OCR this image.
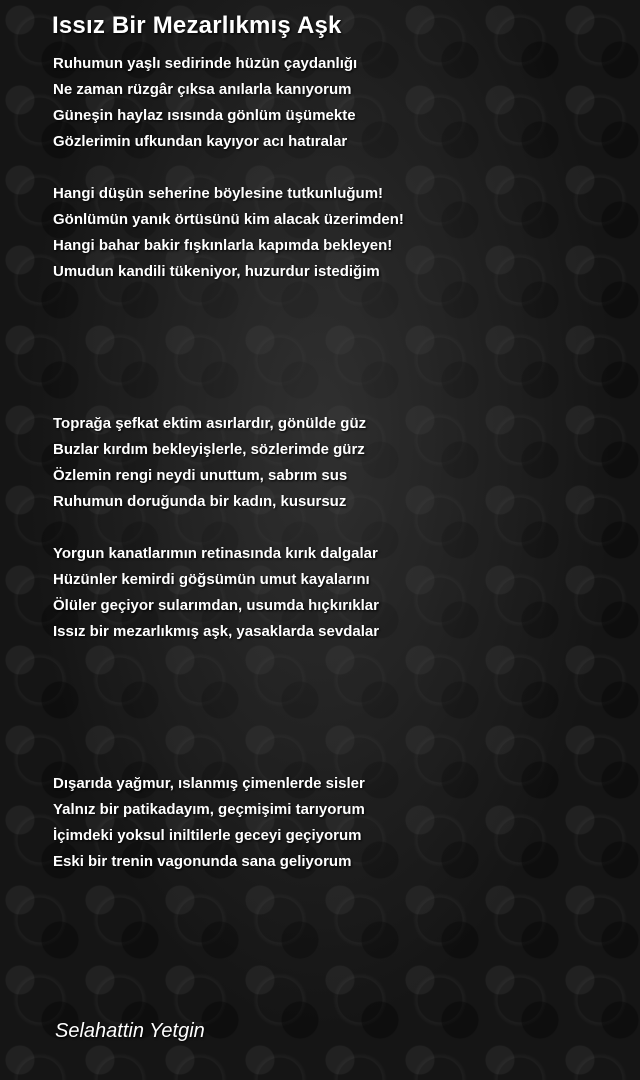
Issız Bir Mezarlıkmış Aşk
Ruhumun yaşlı sedirinde hüzün çaydanlığı
Ne zaman rüzgâr çıksa anılarla kanıyorum
Güneşin haylaz ısısında gönlüm üşümekte
Gözlerimin ufkundan kayıyor acı hatıralar
Hangi düşün seherine böylesine tutkunluğum!
Gönlümün yanık örtüsünü kim alacak üzerimden!
Hangi bahar bakir fışkınlarla kapımda bekleyen!
Umudun kandili tükeniyor, huzurdur istediğim
Toprağa şefkat ektim asırlardır, gönülde güz
Buzlar kırdım bekleyişlerle, sözlerimde gürz
Özlemin rengi neydi unuttum, sabrım sus
Ruhumun doruğunda bir kadın, kusursuz
Yorgun kanatlarımın retinasında kırık dalgalar
Hüzünler kemirdi göğsümün umut kayalarını
Ölüler geçiyor sularımdan, usumda hıçkırıklar
Issız bir mezarlıkmış aşk, yasaklarda sevdalar
Dışarıda yağmur, ıslanmış çimenlerde sisler
Yalnız bir patikadayım, geçmişimi tarıyorum
İçimdeki yoksul iniltilerle geceyi geçiyorum
Eski bir trenin vagonunda sana geliyorum
Selahattin Yetgin
